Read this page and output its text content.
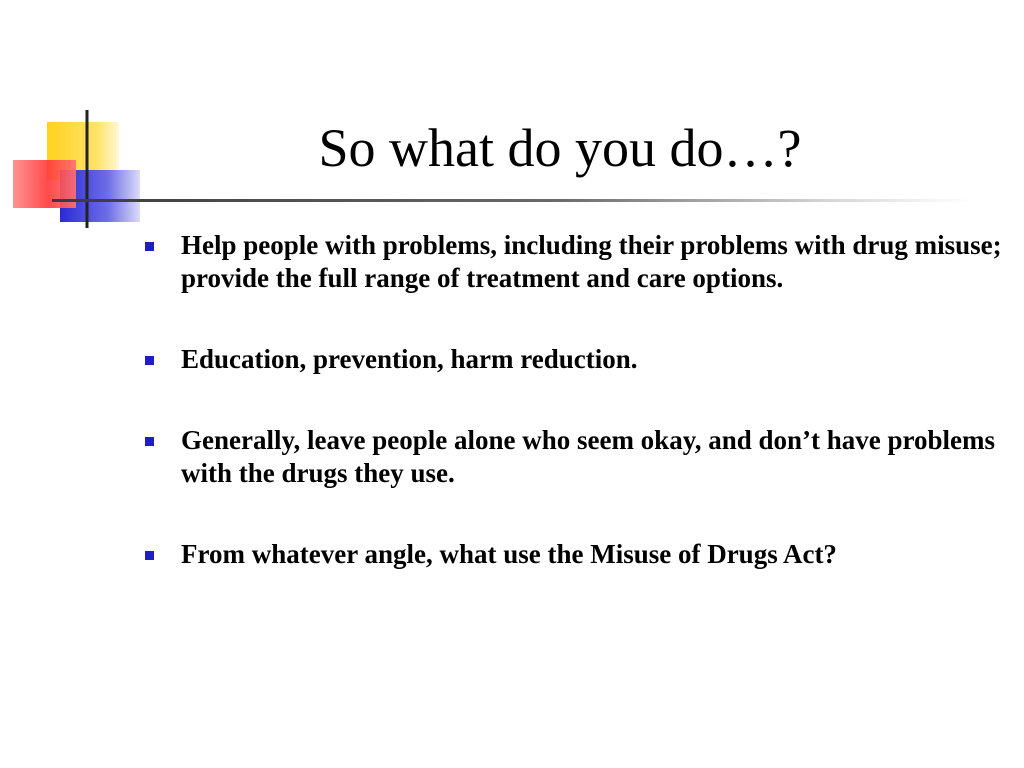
So what do you do…?
Help people with problems, including their problems with drug misuse; provide the full range of treatment and care options.
Education, prevention, harm reduction.
Generally, leave people alone who seem okay, and don’t have problems with the drugs they use.
From whatever angle, what use the Misuse of Drugs Act?
